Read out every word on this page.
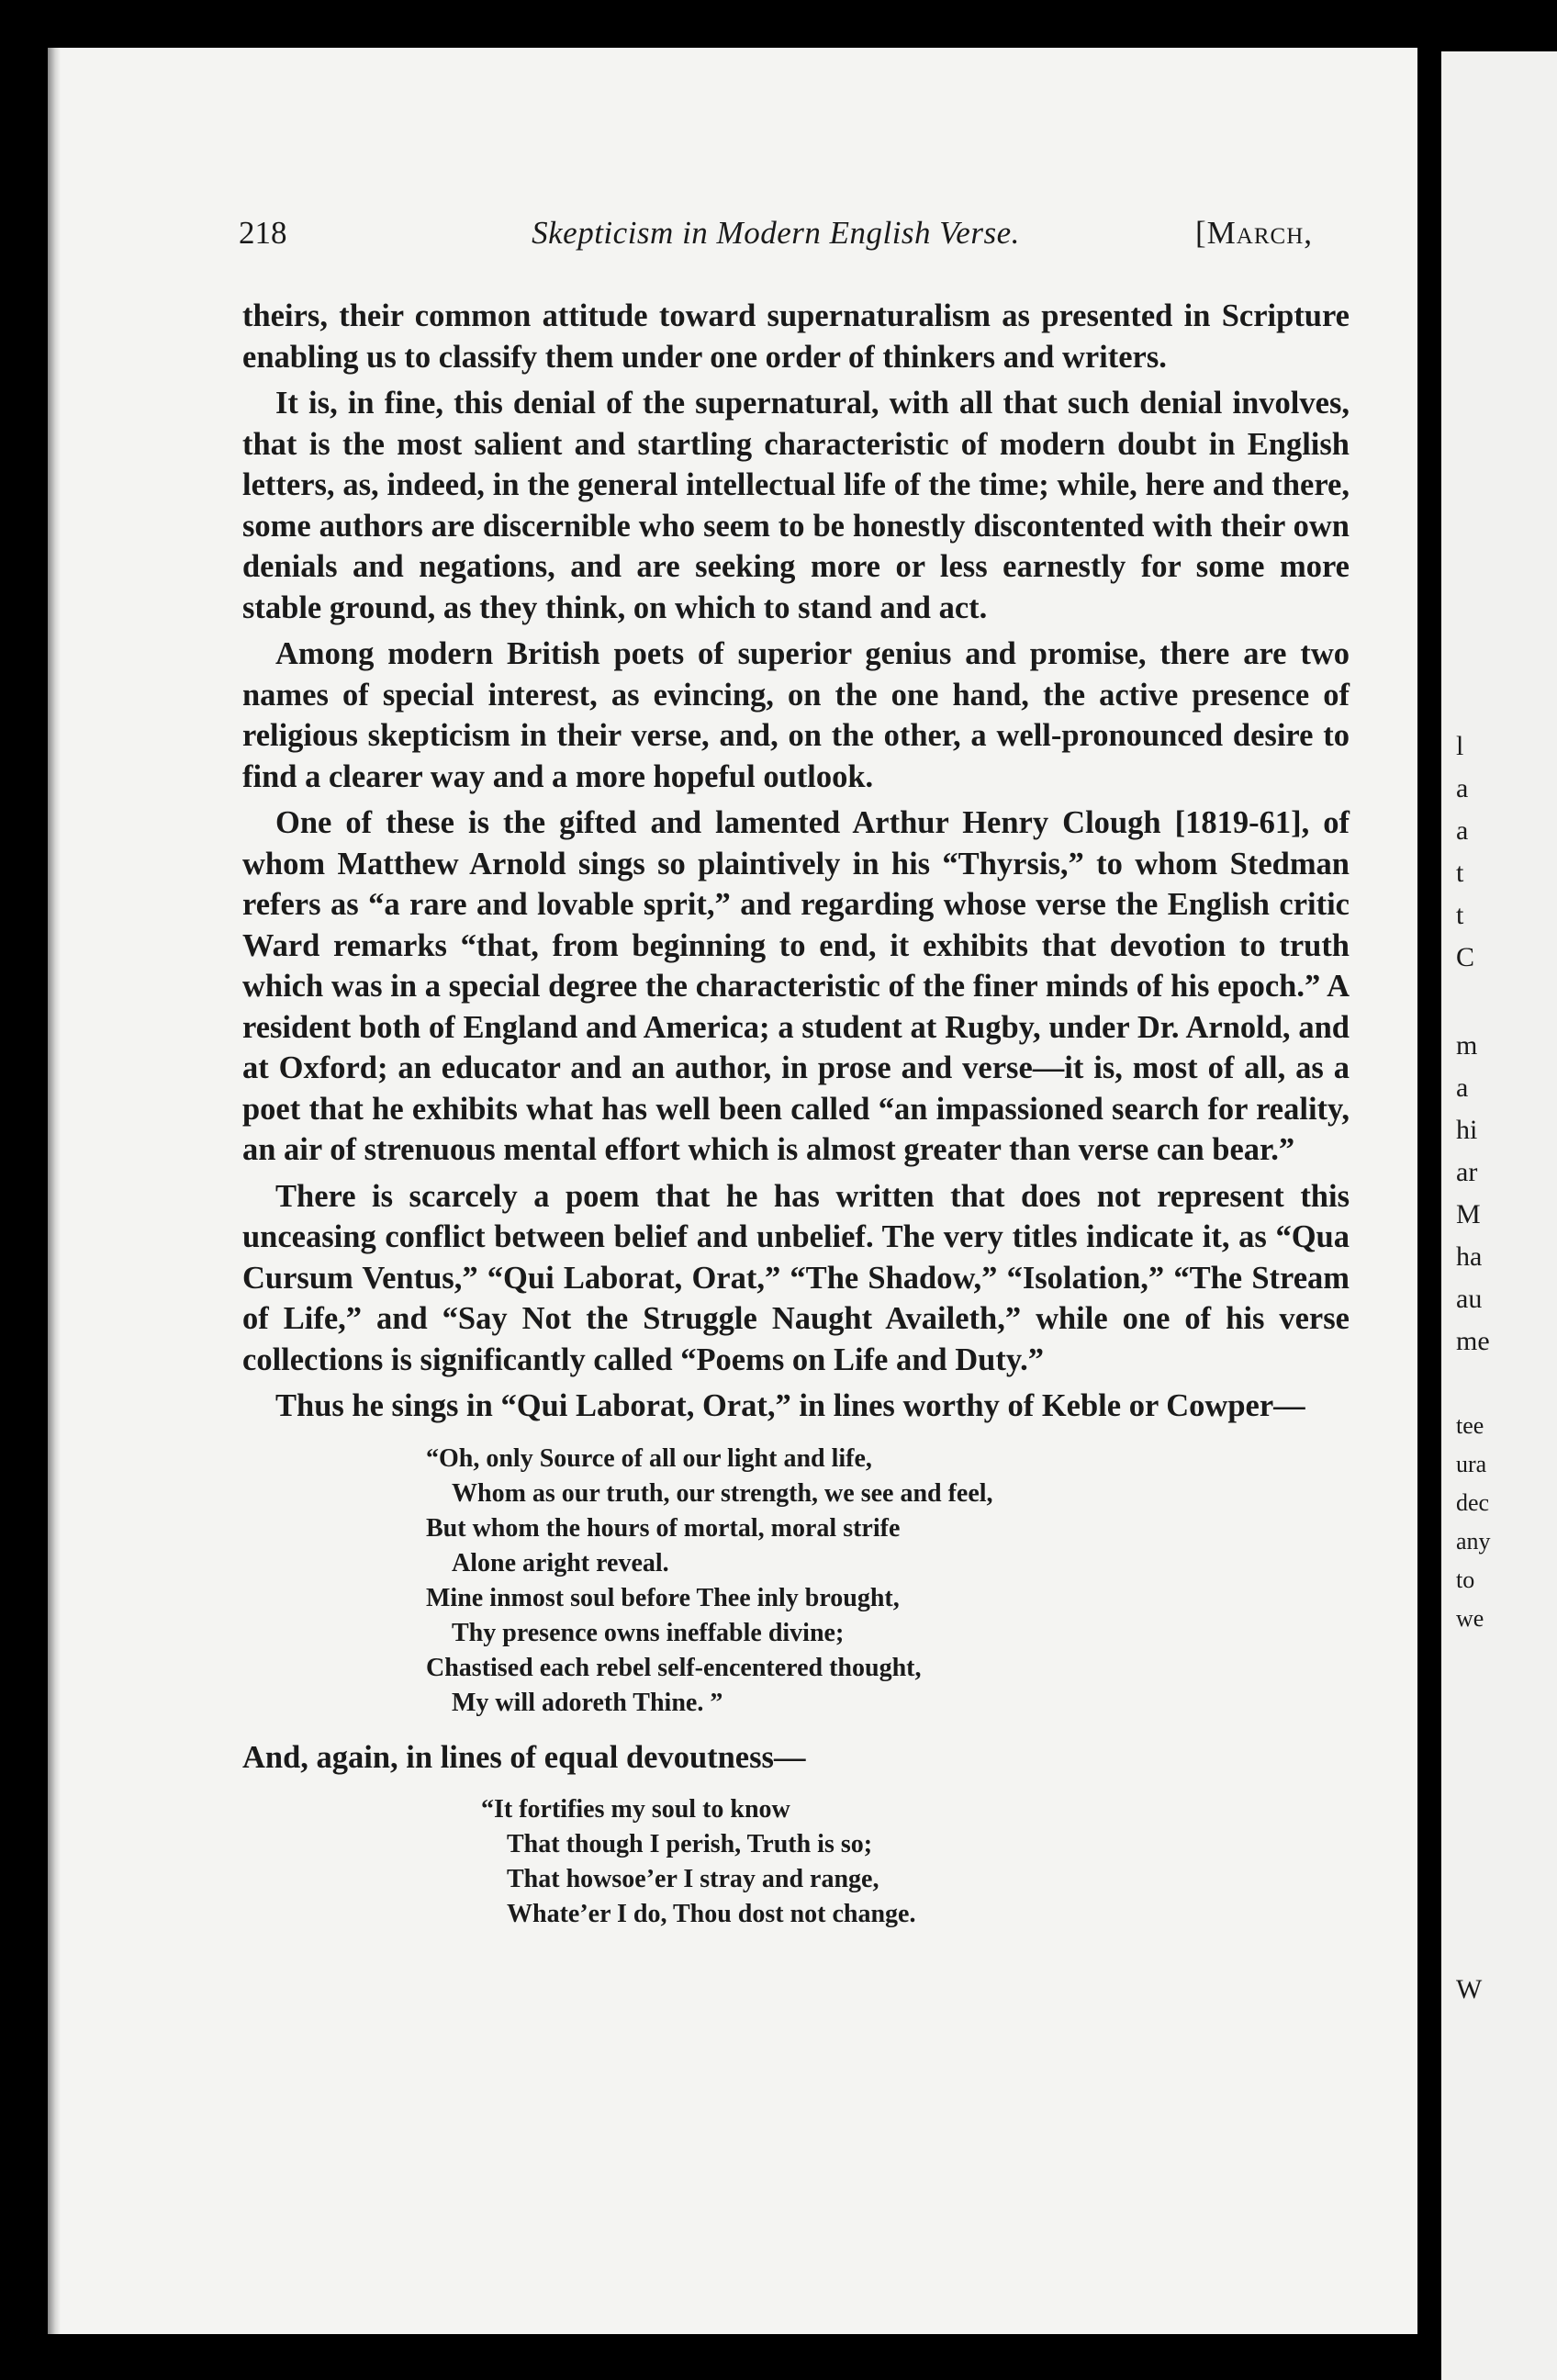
l
a
a
t
t
C
m
a
hi
ar
M
ha
au
me
tee
ura
dec
any
to
we
W
218	Skepticism in Modern English Verse.	[March,

theirs, their common attitude toward supernaturalism as presented in Scripture enabling us to classify them under one order of thinkers and writers.

It is, in fine, this denial of the supernatural, with all that such denial involves, that is the most salient and startling characteristic of modern doubt in English letters, as, indeed, in the general intellectual life of the time; while, here and there, some authors are discernible who seem to be honestly discontented with their own denials and negations, and are seeking more or less earnestly for some more stable ground, as they think, on which to stand and act.

Among modern British poets of superior genius and promise, there are two names of special interest, as evincing, on the one hand, the active presence of religious skepticism in their verse, and, on the other, a well-pronounced desire to find a clearer way and a more hopeful outlook.

One of these is the gifted and lamented Arthur Henry Clough [1819-61], of whom Matthew Arnold sings so plaintively in his “Thyrsis,” to whom Stedman refers as “a rare and lovable sprit,” and regarding whose verse the English critic Ward remarks “that, from beginning to end, it exhibits that devotion to truth which was in a special degree the characteristic of the finer minds of his epoch.” A resident both of England and America; a student at Rugby, under Dr. Arnold, and at Oxford; an educator and an author, in prose and verse—it is, most of all, as a poet that he exhibits what has well been called “an impassioned search for reality, an air of strenuous mental effort which is almost greater than verse can bear.”

There is scarcely a poem that he has written that does not represent this unceasing conflict between belief and unbelief. The very titles indicate it, as “Qua Cursum Ventus,” “Qui Laborat, Orat,” “The Shadow,” “Isolation,” “The Stream of Life,” and “Say Not the Struggle Naught Availeth,” while one of his verse collections is significantly called “Poems on Life and Duty.”

Thus he sings in “Qui Laborat, Orat,” in lines worthy of Keble or Cowper—

“Oh, only Source of all our light and life,
Whom as our truth, our strength, we see and feel,
But whom the hours of mortal, moral strife
Alone aright reveal.
Mine inmost soul before Thee inly brought,
Thy presence owns ineffable divine;
Chastised each rebel self-encentered thought,
My will adoreth Thine. ”

And, again, in lines of equal devoutness—

“It fortifies my soul to know
That though I perish, Truth is so;
That howsoe’er I stray and range,
Whate’er I do, Thou dost not change.
